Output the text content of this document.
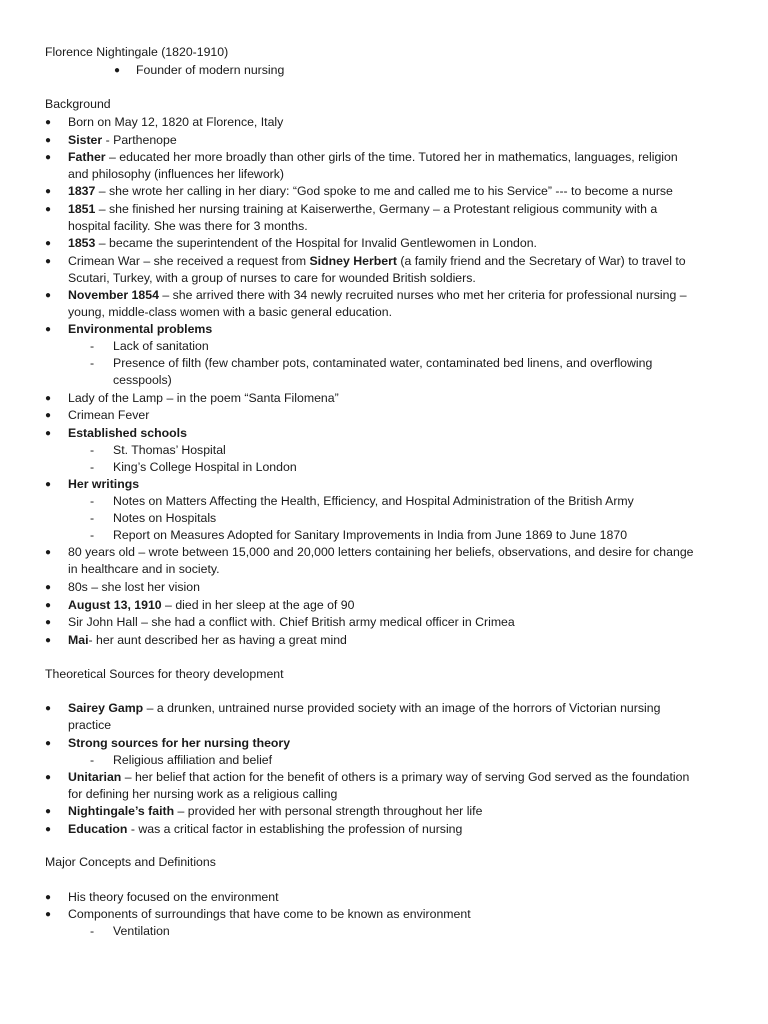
Florence Nightingale (1820-1910)
● Founder of modern nursing
Background
● Born on May 12, 1820 at Florence, Italy
● Sister - Parthenope
● Father – educated her more broadly than other girls of the time. Tutored her in mathematics, languages, religion
and philosophy (influences her lifework)
● 1837 – she wrote her calling in her diary: “God spoke to me and called me to his Service” --- to become a nurse
● 1851 – she finished her nursing training at Kaiserwerthe, Germany – a Protestant religious community with a
hospital facility. She was there for 3 months.
● 1853 – became the superintendent of the Hospital for Invalid Gentlewomen in London.
● Crimean War – she received a request from Sidney Herbert (a family friend and the Secretary of War) to travel to
Scutari, Turkey, with a group of nurses to care for wounded British soldiers.
● November 1854 – she arrived there with 34 newly recruited nurses who met her criteria for professional nursing –
young, middle-class women with a basic general education.
● Environmental problems
- Lack of sanitation
- Presence of filth (few chamber pots, contaminated water, contaminated bed linens, and overflowing
cesspools)
● Lady of the Lamp – in the poem “Santa Filomena”
● Crimean Fever
● Established schools
- St. Thomas’ Hospital
- King’s College Hospital in London
● Her writings
- Notes on Matters Affecting the Health, Efficiency, and Hospital Administration of the British Army
- Notes on Hospitals
- Report on Measures Adopted for Sanitary Improvements in India from June 1869 to June 1870
● 80 years old – wrote between 15,000 and 20,000 letters containing her beliefs, observations, and desire for change
in healthcare and in society.
● 80s – she lost her vision
● August 13, 1910 – died in her sleep at the age of 90
● Sir John Hall – she had a conflict with. Chief British army medical officer in Crimea
● Mai- her aunt described her as having a great mind
Theoretical Sources for theory development
● Sairey Gamp – a drunken, untrained nurse provided society with an image of the horrors of Victorian nursing
practice
● Strong sources for her nursing theory
- Religious affiliation and belief
● Unitarian – her belief that action for the benefit of others is a primary way of serving God served as the foundation
for defining her nursing work as a religious calling
● Nightingale’s faith – provided her with personal strength throughout her life
● Education - was a critical factor in establishing the profession of nursing
Major Concepts and Definitions
● His theory focused on the environment
● Components of surroundings that have come to be known as environment
- Ventilation
